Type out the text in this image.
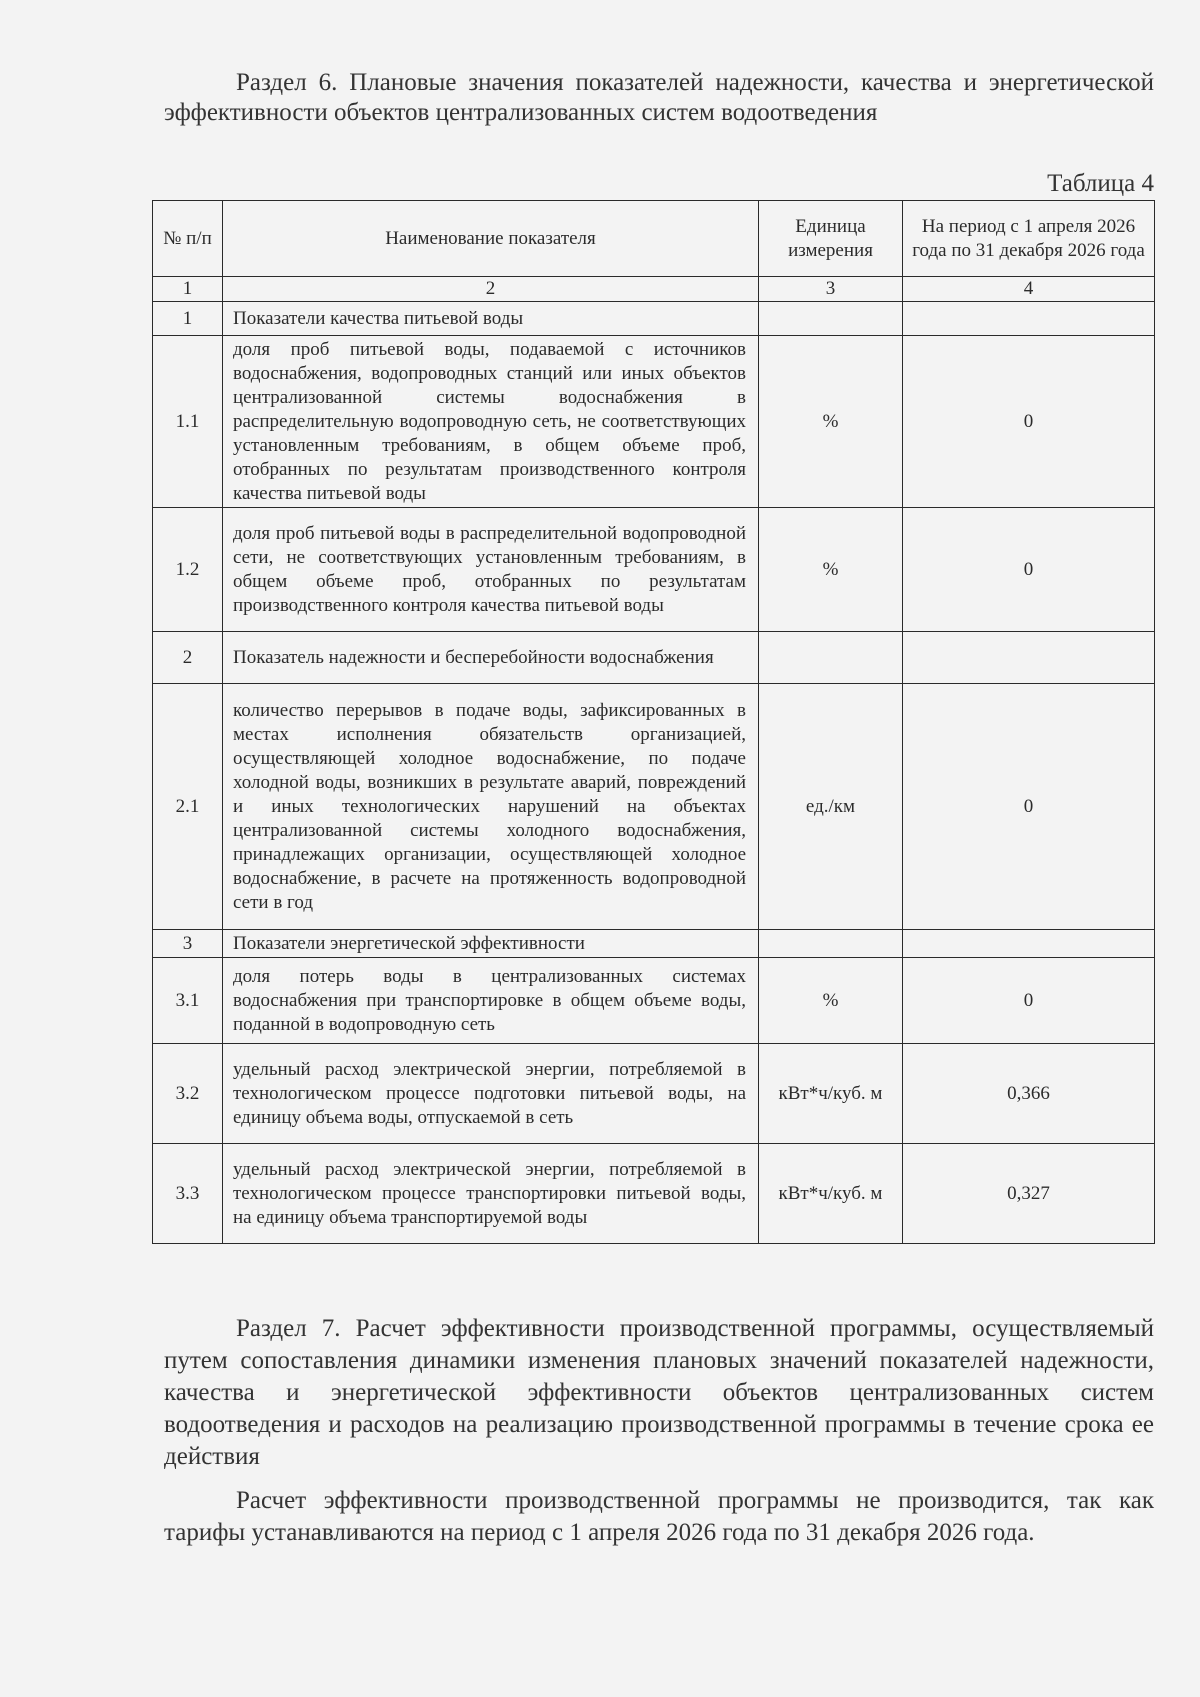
Раздел 6. Плановые значения показателей надежности, качества и энергетической эффективности объектов централизованных систем водоотведения
Таблица 4
№ п/п	Наименование показателя	Единица измерения	На период с 1 апреля 2026 года по 31 декабря 2026 года
1	2	3	4
1	Показатели качества питьевой воды		
1.1	доля проб питьевой воды, подаваемой с источников водоснабжения, водопроводных станций или иных объектов централизованной системы водоснабжения в распределительную водопроводную сеть, не соответствующих установленным требованиям, в общем объеме проб, отобранных по результатам производственного контроля качества питьевой воды	%	0
1.2	доля проб питьевой воды в распределительной водопроводной сети, не соответствующих установленным требованиям, в общем объеме проб, отобранных по результатам производственного контроля качества питьевой воды	%	0
2	Показатель надежности и бесперебойности водоснабжения		
2.1	количество перерывов в подаче воды, зафиксированных в местах исполнения обязательств организацией, осуществляющей холодное водоснабжение, по подаче холодной воды, возникших в результате аварий, повреждений и иных технологических нарушений на объектах централизованной системы холодного водоснабжения, принадлежащих организации, осуществляющей холодное водоснабжение, в расчете на протяженность водопроводной сети в год	ед./км	0
3	Показатели энергетической эффективности		
3.1	доля потерь воды в централизованных системах водоснабжения при транспортировке в общем объеме воды, поданной в водопроводную сеть	%	0
3.2	удельный расход электрической энергии, потребляемой в технологическом процессе подготовки питьевой воды, на единицу объема воды, отпускаемой в сеть	кВт*ч/куб. м	0,366
3.3	удельный расход электрической энергии, потребляемой в технологическом процессе транспортировки питьевой воды, на единицу объема транспортируемой воды	кВт*ч/куб. м	0,327

Раздел 7. Расчет эффективности производственной программы, осуществляемый путем сопоставления динамики изменения плановых значений показателей надежности, качества и энергетической эффективности объектов централизованных систем водоотведения и расходов на реализацию производственной программы в течение срока ее действия

Расчет эффективности производственной программы не производится, так как тарифы устанавливаются на период с 1 апреля 2026 года по 31 декабря 2026 года.
